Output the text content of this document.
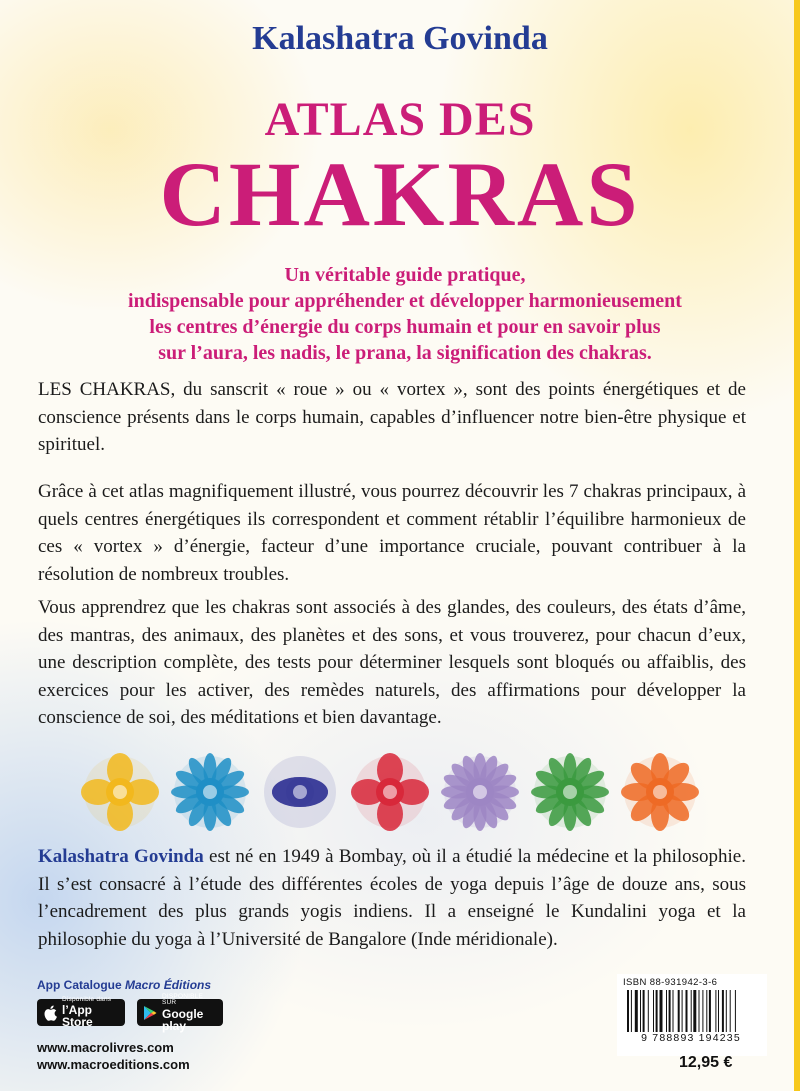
Kalashatra Govinda
ATLAS DES
CHAKRAS
Un véritable guide pratique,
indispensable pour appréhender et développer harmonieusement
les centres d’énergie du corps humain et pour en savoir plus
sur l’aura, les nadis, le prana, la signification des chakras.

LES CHAKRAS, du sanscrit « roue » ou « vortex », sont des points énergétiques et de conscience présents dans le corps humain, capables d’influencer notre bien-être physique et spirituel.

Grâce à cet atlas magnifiquement illustré, vous pourrez découvrir les 7 chakras principaux, à quels centres énergétiques ils correspondent et comment rétablir l’équilibre harmonieux de ces « vortex » d’énergie, facteur d’une importance cruciale, pouvant contribuer à la résolution de nombreux troubles.

Vous apprendrez que les chakras sont associés à des glandes, des couleurs, des états d’âme, des mantras, des animaux, des planètes et des sons, et vous trouverez, pour chacun d’eux, une description complète, des tests pour déterminer lesquels sont bloqués ou affaiblis, des exercices pour les activer, des remèdes naturels, des affirmations pour développer la conscience de soi, des méditations et bien davantage.

Kalashatra Govinda est né en 1949 à Bombay, où il a étudié la médecine et la philosophie. Il s’est consacré à l’étude des différentes écoles de yoga depuis l’âge de douze ans, sous l’encadrement des plus grands yogis indiens. Il a enseigné le Kundalini yoga et la philosophie du yoga à l’Université de Bangalore (Inde méridionale).

App Catalogue Macro Éditions

Disponible dans
l’App Store
DISPONIBLE SUR
Google play

www.macrolivres.com

www.macroeditions.com

ISBN 88-931942-3-6

9 788893 194235

12,95 €
